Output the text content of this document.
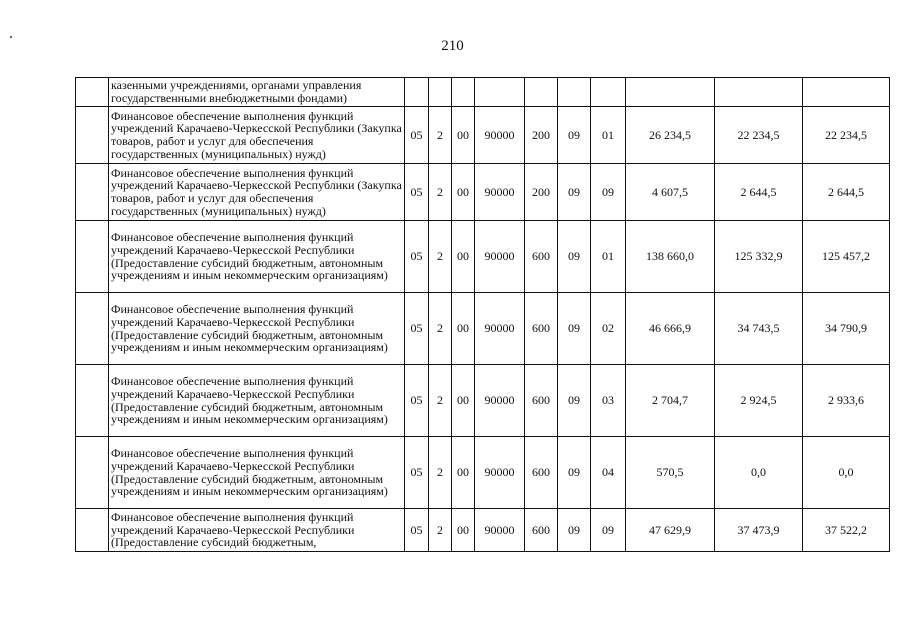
210
	казенными учреждениями, органами управления государственными внебюджетными фондами)										
	Финансовое обеспечение выполнения функций учреждений Карачаево-Черкесской Республики (Закупка товаров, работ и услуг для обеспечения государственных (муниципальных) нужд)	05	2	00	90000	200	09	01	26 234,5	22 234,5	22 234,5
	Финансовое обеспечение выполнения функций учреждений Карачаево-Черкесской Республики (Закупка товаров, работ и услуг для обеспечения государственных (муниципальных) нужд)	05	2	00	90000	200	09	09	4 607,5	2 644,5	2 644,5
	Финансовое обеспечение выполнения функций учреждений Карачаево-Черкесской Республики (Предоставление субсидий бюджетным, автономным учреждениям и иным некоммерческим организациям)	05	2	00	90000	600	09	01	138 660,0	125 332,9	125 457,2
	Финансовое обеспечение выполнения функций учреждений Карачаево-Черкесской Республики (Предоставление субсидий бюджетным, автономным учреждениям и иным некоммерческим организациям)	05	2	00	90000	600	09	02	46 666,9	34 743,5	34 790,9
	Финансовое обеспечение выполнения функций учреждений Карачаево-Черкесской Республики (Предоставление субсидий бюджетным, автономным учреждениям и иным некоммерческим организациям)	05	2	00	90000	600	09	03	2 704,7	2 924,5	2 933,6
	Финансовое обеспечение выполнения функций учреждений Карачаево-Черкесской Республики (Предоставление субсидий бюджетным, автономным учреждениям и иным некоммерческим организациям)	05	2	00	90000	600	09	04	570,5	0,0	0,0
	Финансовое обеспечение выполнения функций учреждений Карачаево-Черкесской Республики (Предоставление субсидий бюджетным,	05	2	00	90000	600	09	09	47 629,9	37 473,9	37 522,2
